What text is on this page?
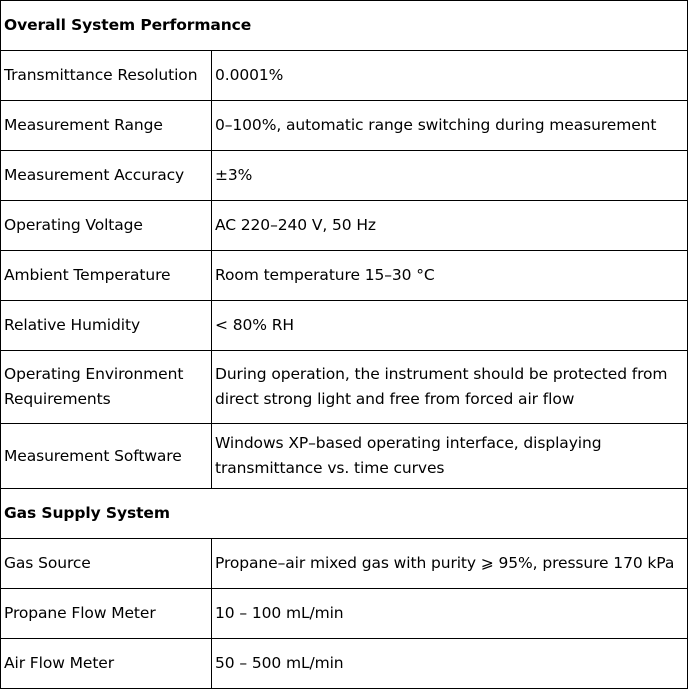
Overall System Performance	
Transmittance Resolution	0.0001%
Measurement Range	0–100%, automatic range switching during measurement
Measurement Accuracy	±3%
Operating Voltage	AC 220–240 V, 50 Hz
Ambient Temperature	Room temperature 15–30 °C
Relative Humidity	< 80% RH
Operating Environment Requirements	During operation, the instrument should be protected from direct strong light and free from forced air flow
Measurement Software	Windows XP–based operating interface, displaying transmittance vs. time curves
Gas Supply System	
Gas Source	Propane–air mixed gas with purity ⩾ 95%, pressure 170 kPa
Propane Flow Meter	10 – 100 mL/min
Air Flow Meter	50 – 500 mL/min
